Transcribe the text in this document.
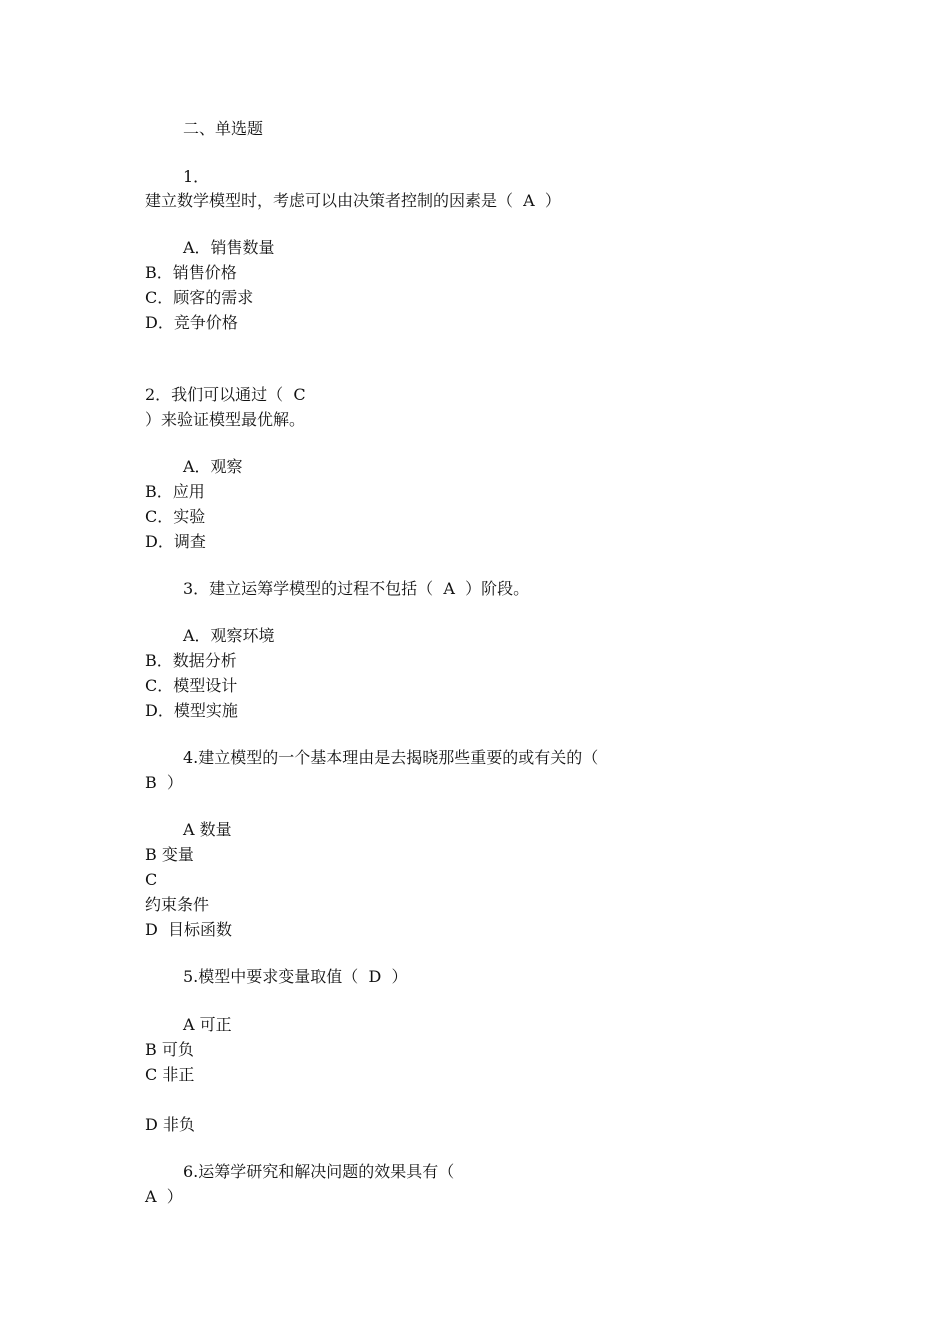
二、单选题
1．
建立数学模型时，考虑可以由决策者控制的因素是（  A  ）
A．销售数量
B．销售价格
C．顾客的需求
D．竞争价格
2．我们可以通过（  C
）来验证模型最优解。
A．观察
B．应用
C．实验
D．调查
3．建立运筹学模型的过程不包括（  A  ）阶段。
A．观察环境
B．数据分析
C．模型设计
D．模型实施
4.建立模型的一个基本理由是去揭晓那些重要的或有关的（
B  ）
A 数量
B 变量
C
约束条件
D  目标函数
5.模型中要求变量取值（  D  ）
A 可正
B 可负
C 非正
D 非负
6.运筹学研究和解决问题的效果具有（
A  ）
